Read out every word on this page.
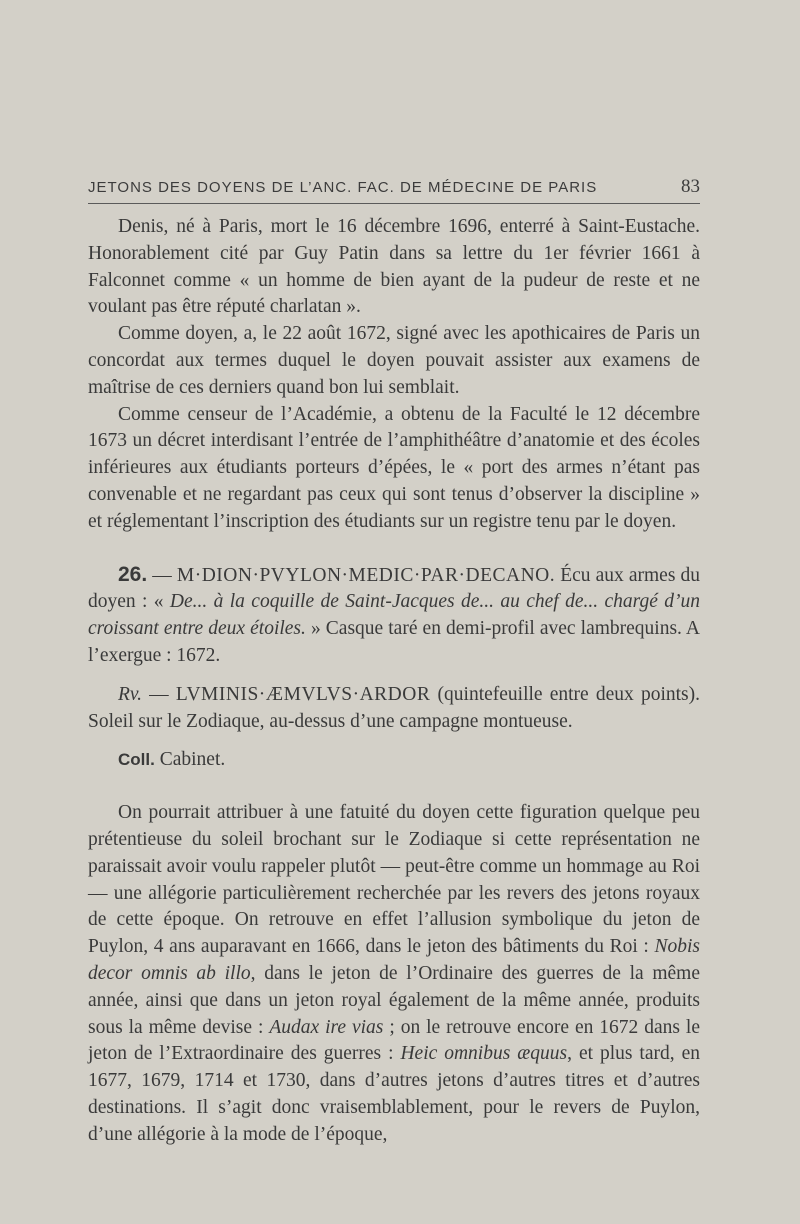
JETONS DES DOYENS DE L’ANC. FAC. DE MÉDECINE DE PARIS	83

Denis, né à Paris, mort le 16 décembre 1696, enterré à Saint-Eustache. Honorablement cité par Guy Patin dans sa lettre du 1er février 1661 à Falconnet comme « un homme de bien ayant de la pudeur de reste et ne voulant pas être réputé charlatan ».

Comme doyen, a, le 22 août 1672, signé avec les apothicaires de Paris un concordat aux termes duquel le doyen pouvait assister aux examens de maîtrise de ces derniers quand bon lui semblait.

Comme censeur de l’Académie, a obtenu de la Faculté le 12 décembre 1673 un décret interdisant l’entrée de l’amphithéâtre d’anatomie et des écoles inférieures aux étudiants porteurs d’épées, le « port des armes n’étant pas convenable et ne regardant pas ceux qui sont tenus d’observer la discipline » et réglementant l’inscription des étudiants sur un registre tenu par le doyen.

26. — M·DION·PVYLON·MEDIC·PAR·DECANO. Écu aux armes du doyen : « De... à la coquille de Saint-Jacques de... au chef de... chargé d’un croissant entre deux étoiles. » Casque taré en demi-profil avec lambrequins. A l’exergue : 1672.

Rv. — LVMINIS·ÆMVLVS·ARDOR (quintefeuille entre deux points). Soleil sur le Zodiaque, au-dessus d’une campagne montueuse.

Coll. Cabinet.

On pourrait attribuer à une fatuité du doyen cette figuration quelque peu prétentieuse du soleil brochant sur le Zodiaque si cette représentation ne paraissait avoir voulu rappeler plutôt — peut-être comme un hommage au Roi — une allégorie particulièrement recherchée par les revers des jetons royaux de cette époque. On retrouve en effet l’allusion symbolique du jeton de Puylon, 4 ans auparavant en 1666, dans le jeton des bâtiments du Roi : Nobis decor omnis ab illo, dans le jeton de l’Ordinaire des guerres de la même année, ainsi que dans un jeton royal également de la même année, produits sous la même devise : Audax ire vias ; on le retrouve encore en 1672 dans le jeton de l’Extraordinaire des guerres : Heic omnibus æquus, et plus tard, en 1677, 1679, 1714 et 1730, dans d’autres jetons d’autres titres et d’autres destinations. Il s’agit donc vraisemblablement, pour le revers de Puylon, d’une allégorie à la mode de l’époque,
